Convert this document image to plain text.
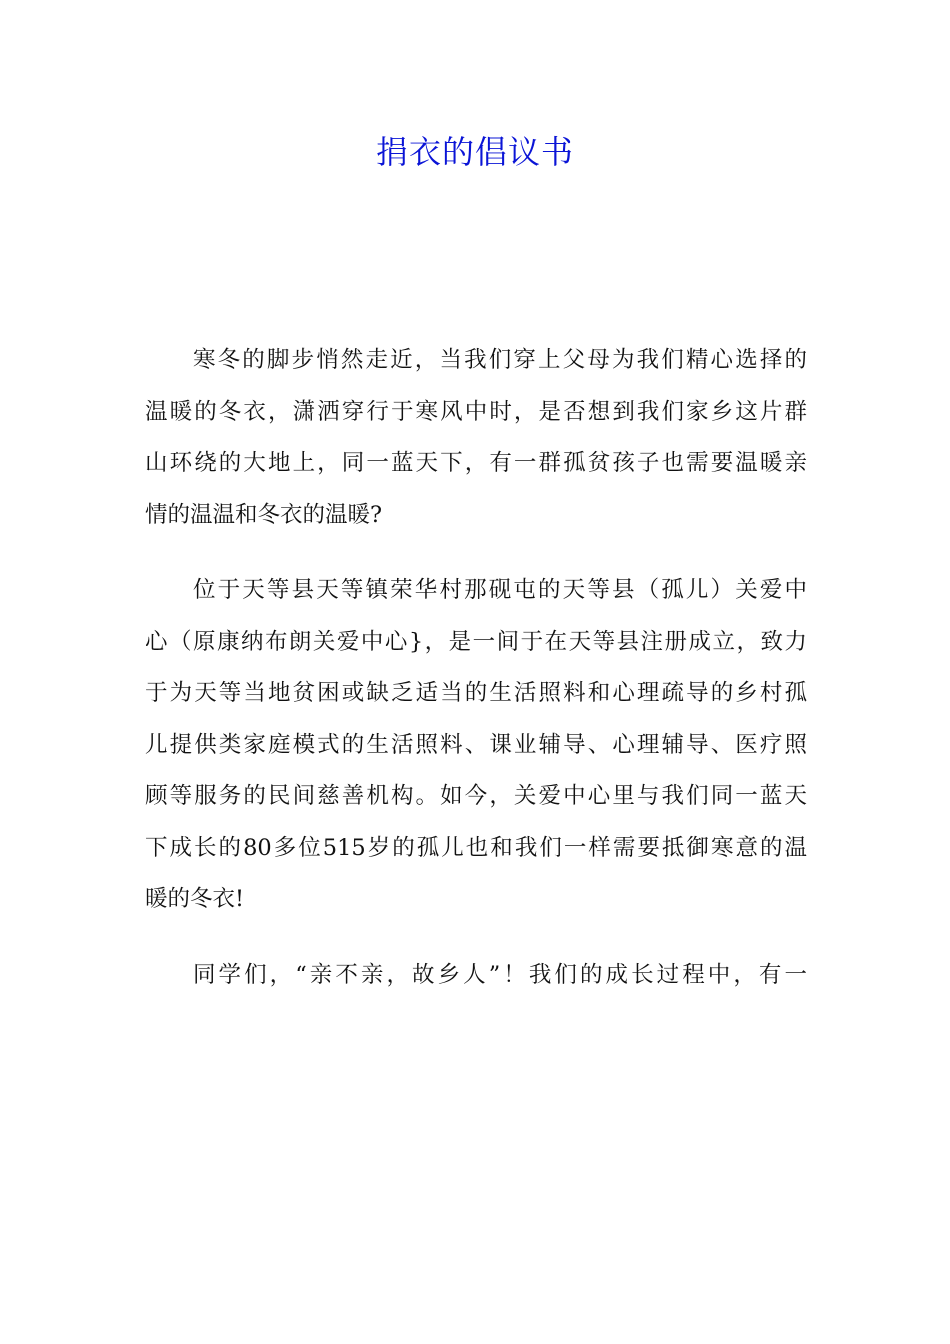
捐衣的倡议书
寒冬的脚步悄然走近，当我们穿上父母为我们精心选择的
温暖的冬衣，潇洒穿行于寒风中时，是否想到我们家乡这片群
山环绕的大地上，同一蓝天下，有一群孤贫孩子也需要温暖亲
情的温温和冬衣的温暖?
位于天等县天等镇荣华村那砚屯的天等县（孤儿）关爱中
心（原康纳布朗关爱中心}，是一间于在天等县注册成立，致力
于为天等当地贫困或缺乏适当的生活照料和心理疏导的乡村孤
儿提供类家庭模式的生活照料、课业辅导、心理辅导、医疗照
顾等服务的民间慈善机构。如今，关爱中心里与我们同一蓝天
下成长的80多位515岁的孤儿也和我们一样需要抵御寒意的温
暖的冬衣!
同学们，“亲不亲，故乡人”！我们的成长过程中，有一
